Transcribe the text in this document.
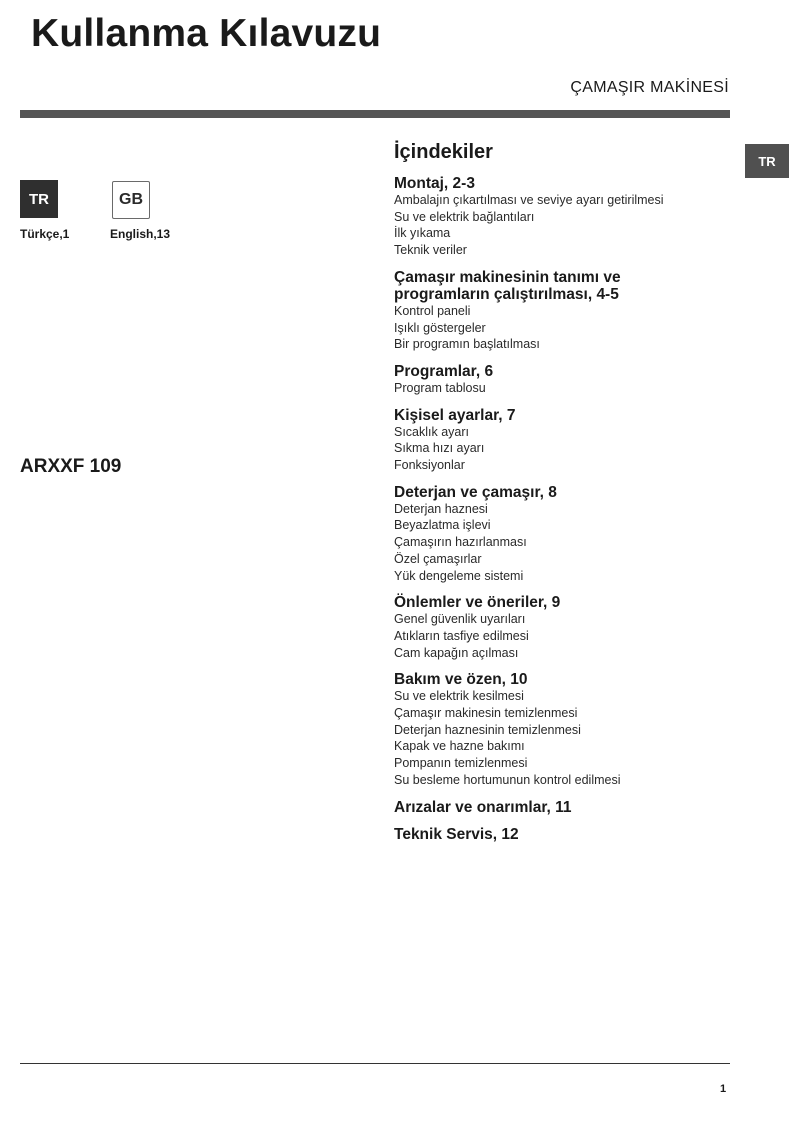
Kullanma Kılavuzu
ÇAMAŞIR MAKİNESİ
TR
TR
Türkçe,1
GB
English,13
ARXXF 109
İçindekiler
Montaj, 2-3
Ambalajın çıkartılması ve seviye ayarı getirilmesi
Su ve elektrik bağlantıları
İlk yıkama
Teknik veriler
Çamaşır makinesinin tanımı ve programların çalıştırılması, 4-5
Kontrol paneli
Işıklı göstergeler
Bir programın başlatılması
Programlar, 6
Program tablosu
Kişisel ayarlar, 7
Sıcaklık ayarı
Sıkma hızı ayarı
Fonksiyonlar
Deterjan ve çamaşır, 8
Deterjan haznesi
Beyazlatma işlevi
Çamaşırın hazırlanması
Özel çamaşırlar
Yük dengeleme sistemi
Önlemler ve öneriler, 9
Genel güvenlik uyarıları
Atıkların tasfiye edilmesi
Cam kapağın açılması
Bakım ve özen, 10
Su ve elektrik kesilmesi
Çamaşır makinesin temizlenmesi
Deterjan haznesinin temizlenmesi
Kapak ve hazne bakımı
Pompanın temizlenmesi
Su besleme hortumunun kontrol edilmesi
Arızalar ve onarımlar, 11
Teknik Servis, 12
1
